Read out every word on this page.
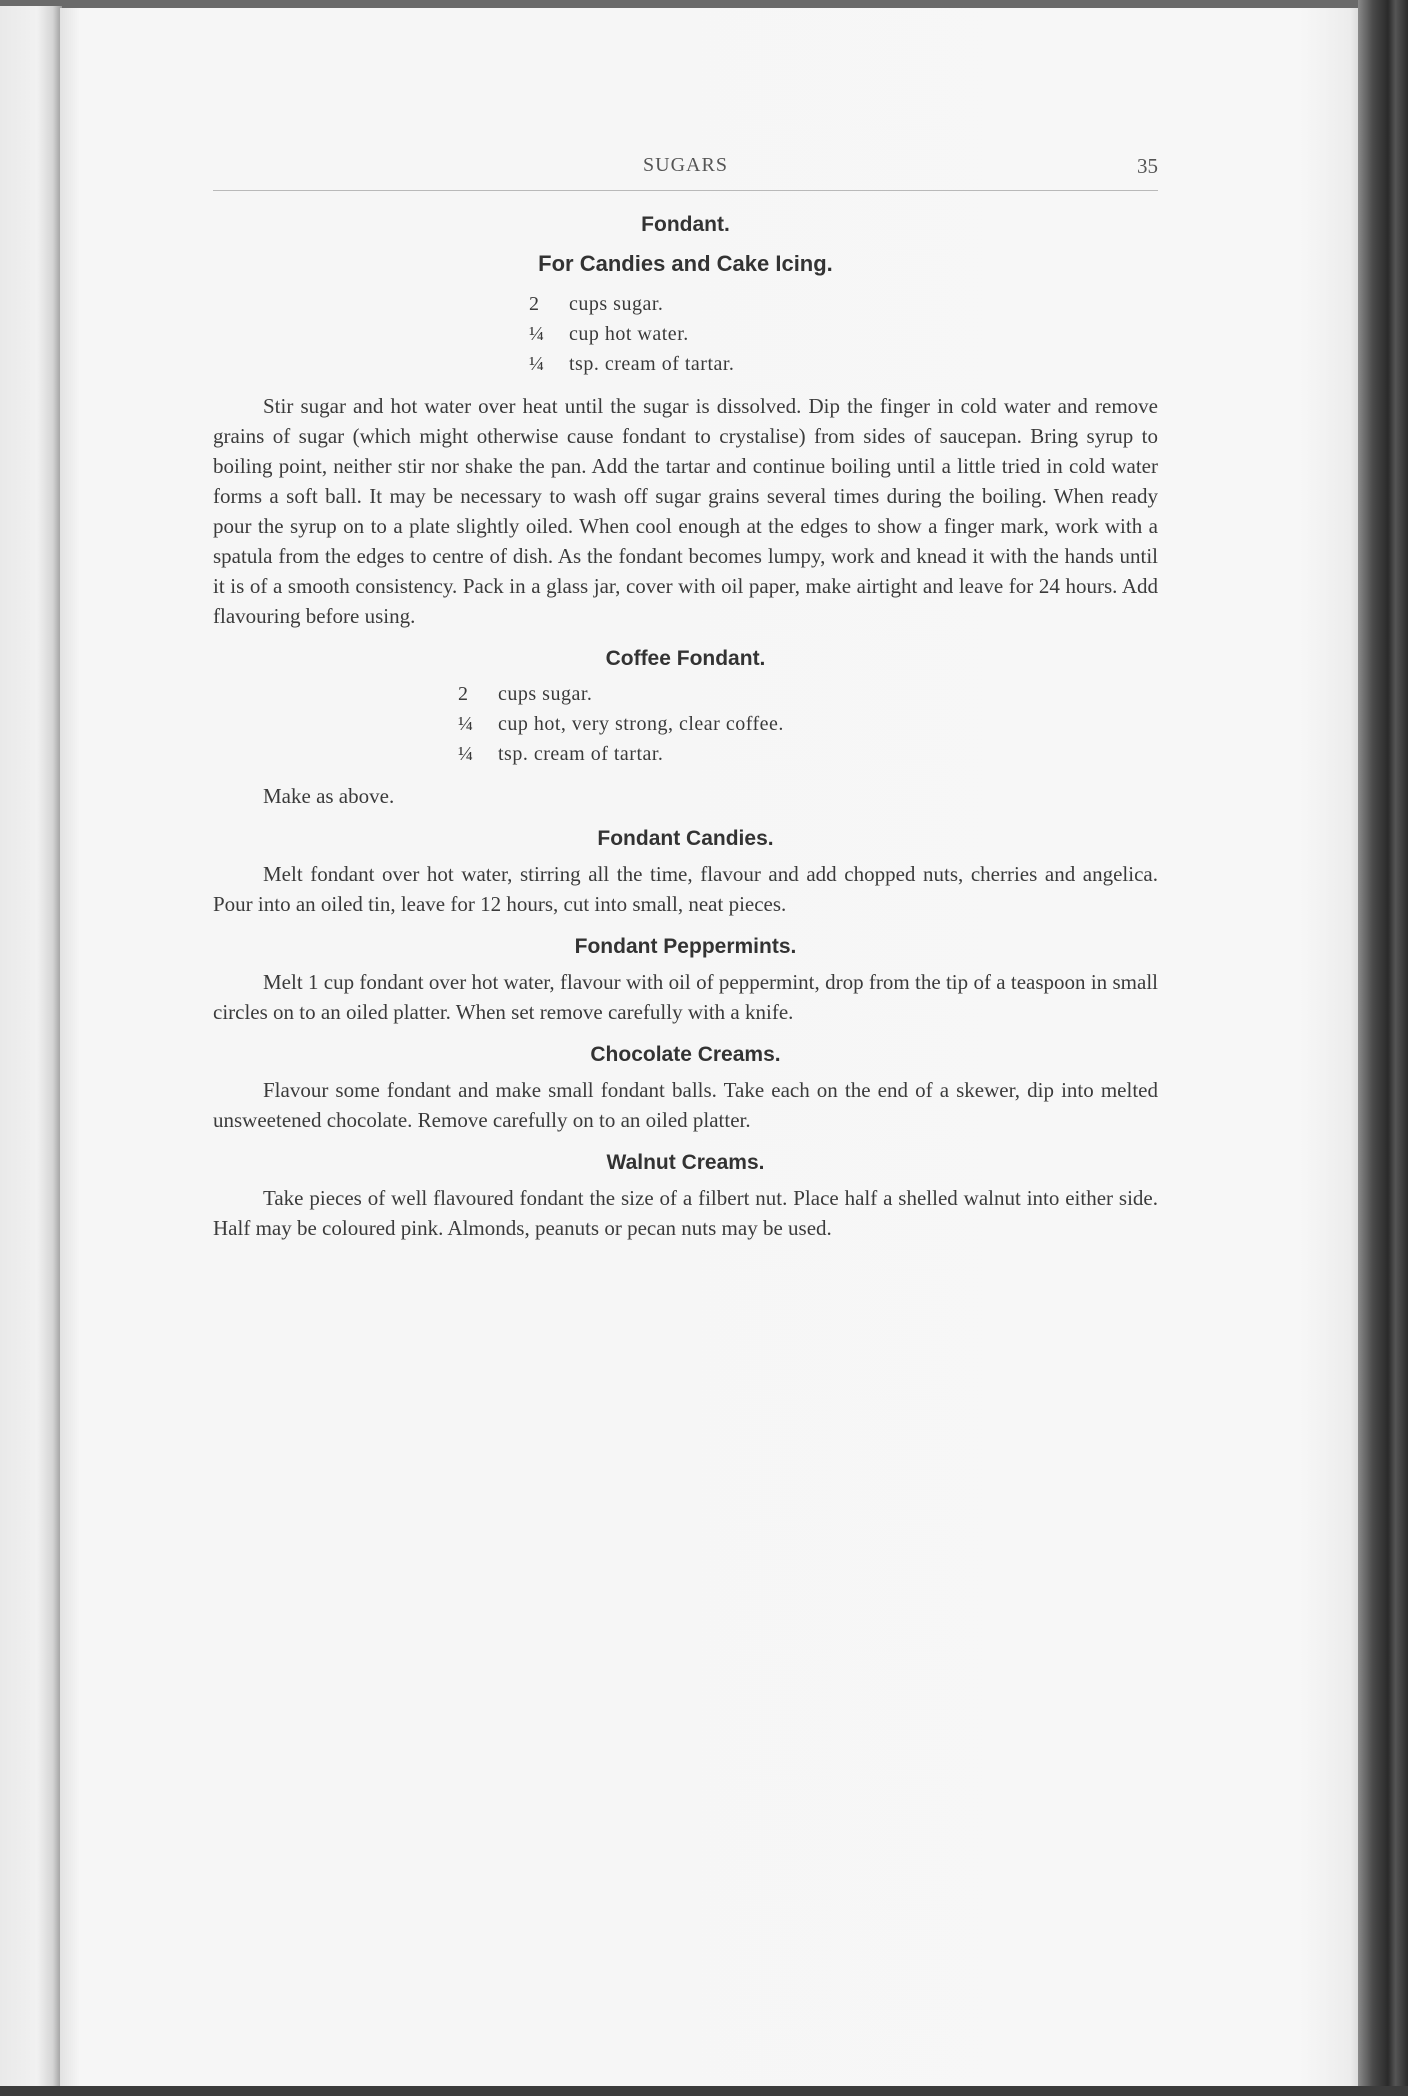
SUGARS	35
Fondant.
For Candies and Cake Icing.
2	cups sugar.
¼	cup hot water.
¼	tsp. cream of tartar.

Stir sugar and hot water over heat until the sugar is dissolved. Dip the finger in cold water and remove grains of sugar (which might otherwise cause fondant to crystalise) from sides of saucepan. Bring syrup to boiling point, neither stir nor shake the pan. Add the tartar and continue boiling until a little tried in cold water forms a soft ball. It may be necessary to wash off sugar grains several times during the boiling. When ready pour the syrup on to a plate slightly oiled. When cool enough at the edges to show a finger mark, work with a spatula from the edges to centre of dish. As the fondant becomes lumpy, work and knead it with the hands until it is of a smooth consistency. Pack in a glass jar, cover with oil paper, make airtight and leave for 24 hours. Add flavouring before using.

Coffee Fondant.
2	cups sugar.
¼	cup hot, very strong, clear coffee.
¼	tsp. cream of tartar.

Make as above.

Fondant Candies.

Melt fondant over hot water, stirring all the time, flavour and add chopped nuts, cherries and angelica. Pour into an oiled tin, leave for 12 hours, cut into small, neat pieces.

Fondant Peppermints.

Melt 1 cup fondant over hot water, flavour with oil of peppermint, drop from the tip of a teaspoon in small circles on to an oiled platter. When set remove carefully with a knife.

Chocolate Creams.

Flavour some fondant and make small fondant balls. Take each on the end of a skewer, dip into melted unsweetened chocolate. Remove carefully on to an oiled platter.

Walnut Creams.

Take pieces of well flavoured fondant the size of a filbert nut. Place half a shelled walnut into either side. Half may be coloured pink. Almonds, peanuts or pecan nuts may be used.
